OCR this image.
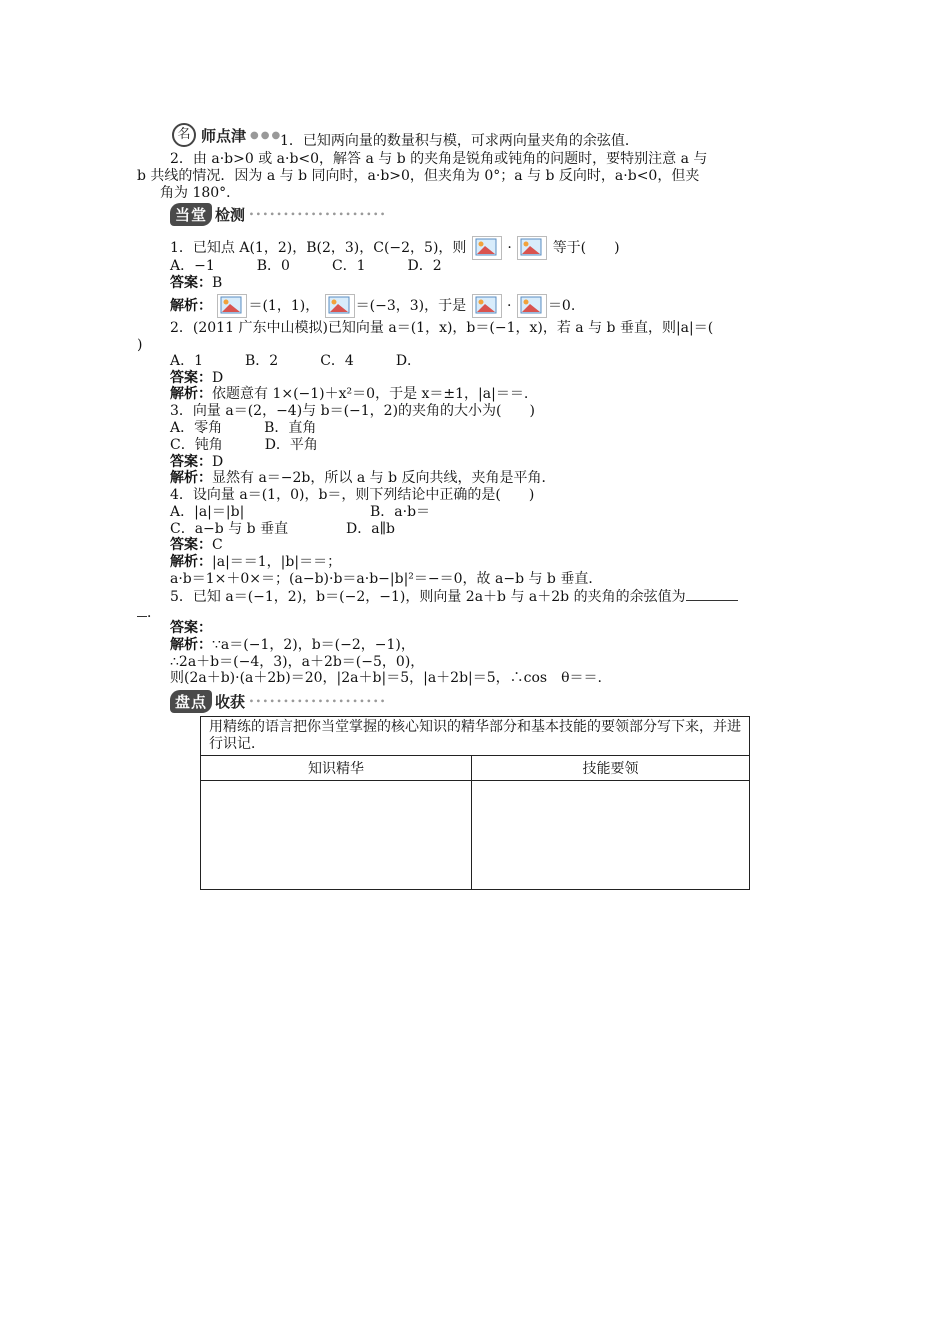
名 师点津 ●●●
1．已知两向量的数量积与模，可求两向量夹角的余弦值．
2．由 a·b>0 或 a·b<0，解答 a 与 b 的夹角是锐角或钝角的问题时，要特别注意 a 与
b 共线的情况．因为 a 与 b 同向时，a·b>0，但夹角为 0°；a 与 b 反向时，a·b<0，但夹
角为 180°．
当堂 检测 ∙∙∙∙∙∙∙∙∙∙∙∙∙∙∙∙∙∙∙∙
1．已知点 A(1，2)，B(2，3)，C(−2，5)，则	·	等于(　　)
A．−1　　　B．0　　　C．1　　　D．2
答案：B
解析：	＝(1，1)，	＝(−3，3)，于是	·	＝0.
2．(2011 广东中山模拟)已知向量 a＝(1，x)，b＝(−1，x)，若 a 与 b 垂直，则|a|＝(
)
A．1　　　B．2　　　C．4　　　D．
答案：D
解析：依题意有 1×(−1)＋x²＝0，于是 x＝±1，|a|＝＝.
3．向量 a＝(2，−4)与 b＝(−1，2)的夹角的大小为(　　)
A．零角　　　B．直角
C．钝角　　　D．平角
答案：D
解析：显然有 a＝−2b，所以 a 与 b 反向共线，夹角是平角．
4．设向量 a＝(1，0)，b＝，则下列结论中正确的是(　　)
A．|a|＝|b|	B．a·b＝
C．a−b 与 b 垂直	D．a∥b
答案：C
解析：|a|＝＝1，|b|＝＝；
a·b＝1×＋0×＝；(a−b)·b＝a·b−|b|²＝−＝0，故 a−b 与 b 垂直．
5．已知 a＝(−1，2)，b＝(−2，−1)，则向量 2a＋b 与 a＋2b 的夹角的余弦值为
．
答案：
解析：∵a＝(−1，2)，b＝(−2，−1)，
∴2a＋b＝(−4，3)，a＋2b＝(−5，0)，
则(2a＋b)·(a＋2b)＝20，|2a＋b|＝5，|a＋2b|＝5，∴cos　θ＝＝.
盘点 收获 ∙∙∙∙∙∙∙∙∙∙∙∙∙∙∙∙∙∙∙∙
用精练的语言把你当堂掌握的核心知识的精华部分和基本技能的要领部分写下来，并进行识记．	
知识精华	技能要领
